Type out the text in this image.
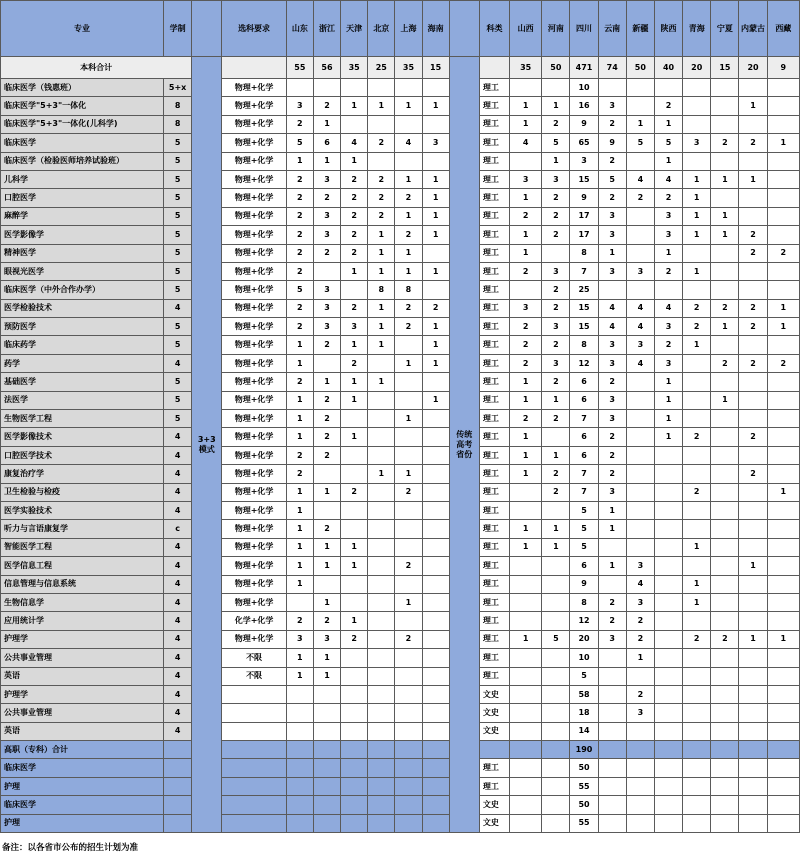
专业	学制		选科要求	山东	浙江	天津	北京	上海	海南		科类	山西	河南	四川	云南	新疆	陕西	青海	宁夏	内蒙古	西藏
本科合计		3+3模式		55	56	35	25	35	15	传统高考省份		35	50	471	74	50	40	20	15	20	9
临床医学（钱惠班）	5+x		物理+化学								理工			10							
临床医学"5+3"一体化	8		物理+化学	3	2	1	1	1	1		理工	1	1	16	3		2			1	
临床医学"5+3"一体化(儿科学)	8		物理+化学	2	1						理工	1	2	9	2	1	1				
临床医学	5		物理+化学	5	6	4	2	4	3		理工	4	5	65	9	5	5	3	2	2	1
临床医学（检验医师培养试验班）	5		物理+化学	1	1	1					理工		1	3	2		1				
儿科学	5		物理+化学	2	3	2	2	1	1		理工	3	3	15	5	4	4	1	1	1	
口腔医学	5		物理+化学	2	2	2	2	2	1		理工	1	2	9	2	2	2	1			
麻醉学	5		物理+化学	2	3	2	2	1	1		理工	2	2	17	3		3	1	1		
医学影像学	5		物理+化学	2	3	2	1	2	1		理工	1	2	17	3		3	1	1	2	
精神医学	5		物理+化学	2	2	2	1	1			理工	1		8	1		1			2	2
眼视光医学	5		物理+化学	2		1	1	1	1		理工	2	3	7	3	3	2	1			
临床医学（中外合作办学）	5		物理+化学	5	3		8	8			理工		2	25							
医学检验技术	4		物理+化学	2	3	2	1	2	2		理工	3	2	15	4	4	4	2	2	2	1
预防医学	5		物理+化学	2	3	3	1	2	1		理工	2	3	15	4	4	3	2	1	2	1
临床药学	5		物理+化学	1	2	1	1		1		理工	2	2	8	3	3	2	1			
药学	4		物理+化学	1		2		1	1		理工	2	3	12	3	4	3		2	2	2
基础医学	5		物理+化学	2	1	1	1				理工	1	2	6	2		1				
法医学	5		物理+化学	1	2	1			1		理工	1	1	6	3		1		1		
生物医学工程	5		物理+化学	1	2			1			理工	2	2	7	3		1				
医学影像技术	4		物理+化学	1	2	1					理工	1		6	2		1	2		2	
口腔医学技术	4		物理+化学	2	2						理工	1	1	6	2						
康复治疗学	4		物理+化学	2			1	1			理工	1	2	7	2					2	
卫生检验与检疫	4		物理+化学	1	1	2		2			理工		2	7	3			2			1
医学实验技术	4		物理+化学	1							理工			5	1						
听力与言语康复学	c		物理+化学	1	2						理工	1	1	5	1						
智能医学工程	4		物理+化学	1	1	1					理工	1	1	5				1			
医学信息工程	4		物理+化学	1	1	1		2			理工			6	1	3				1	
信息管理与信息系统	4		物理+化学	1							理工			9		4		1			
生物信息学	4		物理+化学		1			1			理工			8	2	3		1			
应用统计学	4		化学+化学	2	2	1					理工			12	2	2					
护理学	4		物理+化学	3	3	2		2			理工	1	5	20	3	2		2	2	1	1
公共事业管理	4		不限	1	1						理工			10		1					
英语	4		不限	1	1						理工			5							
护理学	4										文史			58		2					
公共事业管理	4										文史			18		3					
英语	4										文史			14							
高职（专科）合计														190							
临床医学											理工			50							
护理											理工			55							
临床医学											文史			50							
护理											文史			55							
备注：以各省市公布的招生计划为准
